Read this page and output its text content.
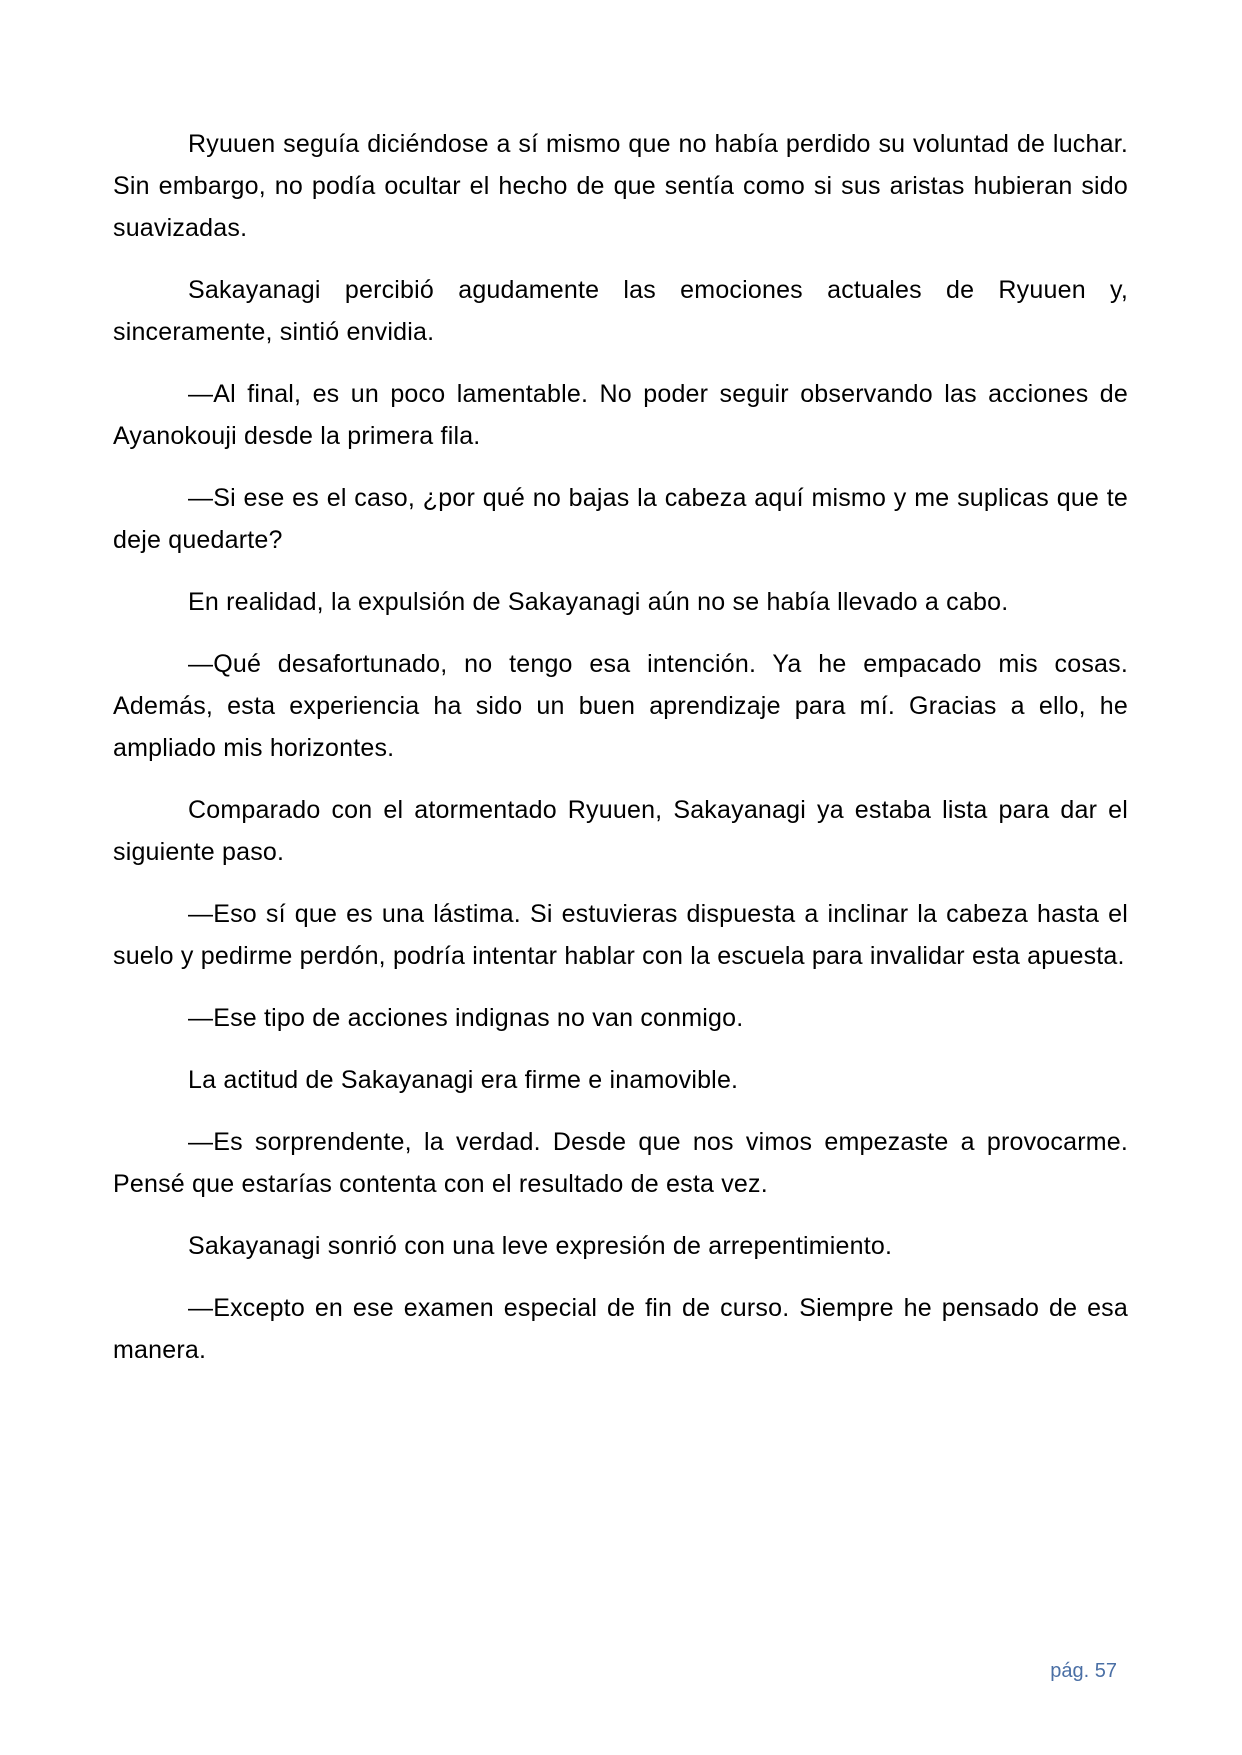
Ryuuen seguía diciéndose a sí mismo que no había perdido su voluntad de luchar. Sin embargo, no podía ocultar el hecho de que sentía como si sus aristas hubieran sido suavizadas.

Sakayanagi percibió agudamente las emociones actuales de Ryuuen y, sinceramente, sintió envidia.

—Al final, es un poco lamentable. No poder seguir observando las acciones de Ayanokouji desde la primera fila.

—Si ese es el caso, ¿por qué no bajas la cabeza aquí mismo y me suplicas que te deje quedarte?

En realidad, la expulsión de Sakayanagi aún no se había llevado a cabo.

—Qué desafortunado, no tengo esa intención. Ya he empacado mis cosas. Además, esta experiencia ha sido un buen aprendizaje para mí. Gracias a ello, he ampliado mis horizontes.

Comparado con el atormentado Ryuuen, Sakayanagi ya estaba lista para dar el siguiente paso.

—Eso sí que es una lástima. Si estuvieras dispuesta a inclinar la cabeza hasta el suelo y pedirme perdón, podría intentar hablar con la escuela para invalidar esta apuesta.

—Ese tipo de acciones indignas no van conmigo.

La actitud de Sakayanagi era firme e inamovible.

—Es sorprendente, la verdad. Desde que nos vimos empezaste a provocarme. Pensé que estarías contenta con el resultado de esta vez.

Sakayanagi sonrió con una leve expresión de arrepentimiento.

—Excepto en ese examen especial de fin de curso. Siempre he pensado de esa manera.

pág. 57
